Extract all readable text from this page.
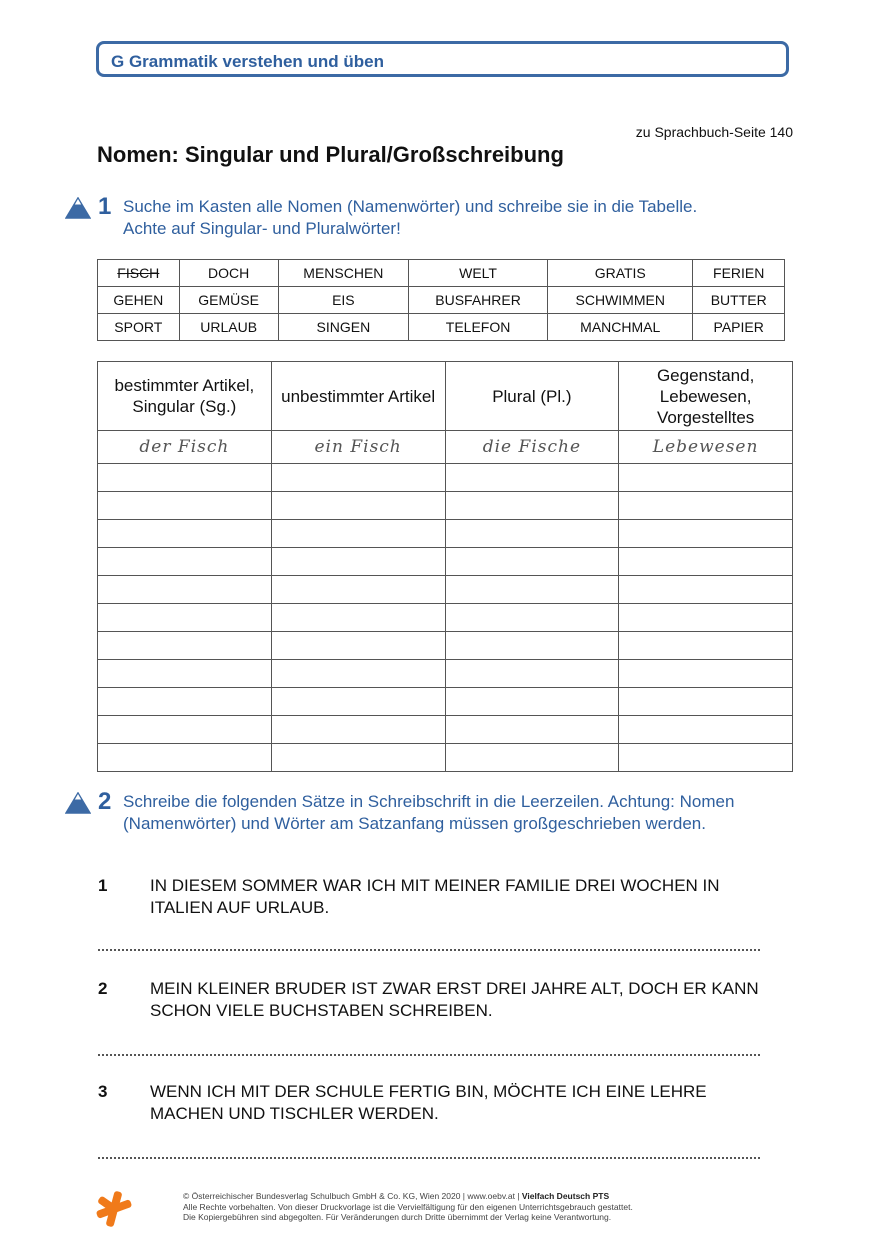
G Grammatik verstehen und üben
zu Sprachbuch-Seite 140
Nomen: Singular und Plural/Großschreibung
1 Suche im Kasten alle Nomen (Namenwörter) und schreibe sie in die Tabelle.
Achte auf Singular- und Pluralwörter!
FISCH	DOCH	MENSCHEN	WELT	GRATIS	FERIEN
GEHEN	GEMÜSE	EIS	BUSFAHRER	SCHWIMMEN	BUTTER
SPORT	URLAUB	SINGEN	TELEFON	MANCHMAL	PAPIER
bestimmter Artikel, Singular (Sg.)	unbestimmter Artikel	Plural (Pl.)	Gegenstand, Lebewesen, Vorgestelltes
der Fisch	ein Fisch	die Fische	Lebewesen

2 Schreibe die folgenden Sätze in Schreibschrift in die Leerzeilen. Achtung: Nomen (Namenwörter) und Wörter am Satzanfang müssen großgeschrieben werden.
1	IN DIESEM SOMMER WAR ICH MIT MEINER FAMILIE DREI WOCHEN IN ITALIEN AUF URLAUB.
2	MEIN KLEINER BRUDER IST ZWAR ERST DREI JAHRE ALT, DOCH ER KANN SCHON VIELE BUCHSTABEN SCHREIBEN.
3	WENN ICH MIT DER SCHULE FERTIG BIN, MÖCHTE ICH EINE LEHRE MACHEN UND TISCHLER WERDEN.
© Österreichischer Bundesverlag Schulbuch GmbH & Co. KG, Wien 2020 | www.oebv.at | Vielfach Deutsch PTS
Alle Rechte vorbehalten. Von dieser Druckvorlage ist die Vervielfältigung für den eigenen Unterrichtsgebrauch gestattet.
Die Kopiergebühren sind abgegolten. Für Veränderungen durch Dritte übernimmt der Verlag keine Verantwortung.
